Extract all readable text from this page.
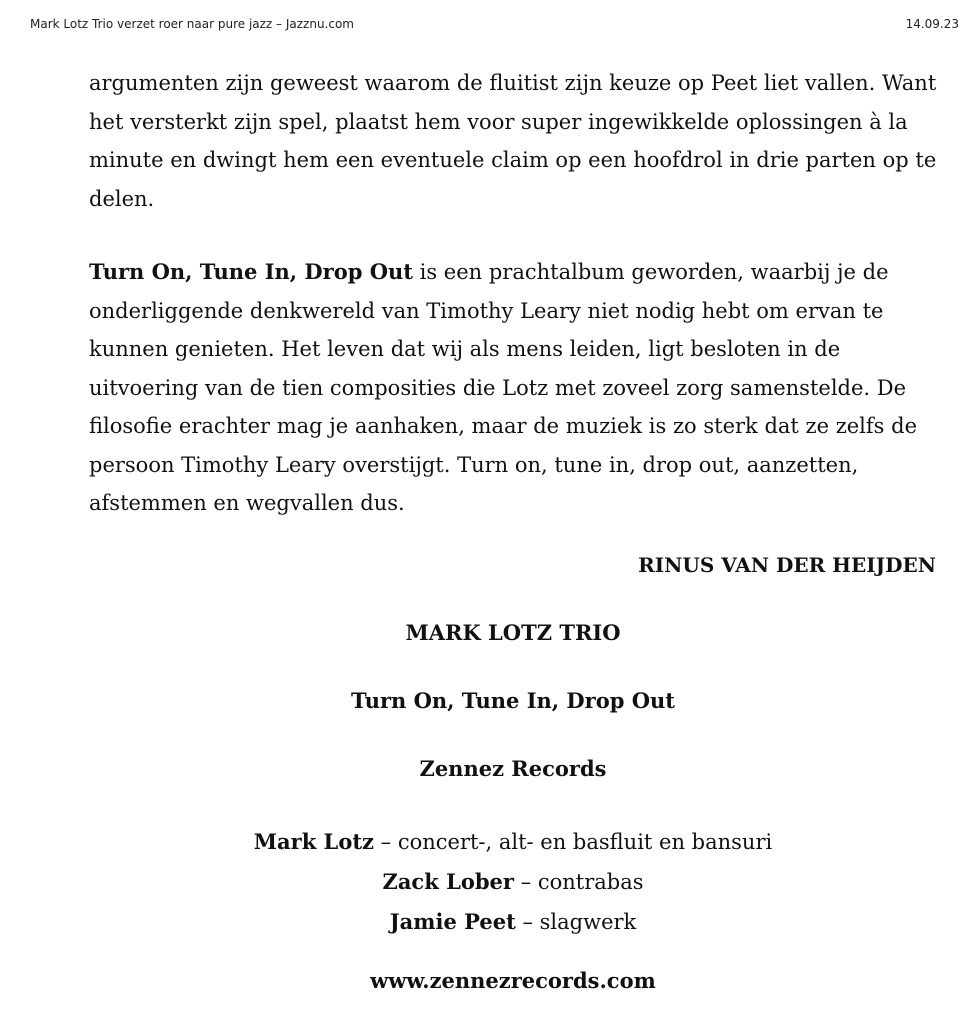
Mark Lotz Trio verzet roer naar pure jazz – Jazznu.com	14.09.23

argumenten zijn geweest waarom de fluitist zijn keuze op Peet liet vallen. Want het versterkt zijn spel, plaatst hem voor super ingewikkelde oplossingen à la minute en dwingt hem een eventuele claim op een hoofdrol in drie parten op te delen.

Turn On, Tune In, Drop Out is een prachtalbum geworden, waarbij je de onderliggende denkwereld van Timothy Leary niet nodig hebt om ervan te kunnen genieten. Het leven dat wij als mens leiden, ligt besloten in de uitvoering van de tien composities die Lotz met zoveel zorg samenstelde. De filosofie erachter mag je aanhaken, maar de muziek is zo sterk dat ze zelfs de persoon Timothy Leary overstijgt. Turn on, tune in, drop out, aanzetten, afstemmen en wegvallen dus.

RINUS VAN DER HEIJDEN
MARK LOTZ TRIO
Turn On, Tune In, Drop Out
Zennez Records
Mark Lotz – concert-, alt- en basfluit en bansuri
Zack Lober – contrabas
Jamie Peet – slagwerk
www.zennezrecords.com
